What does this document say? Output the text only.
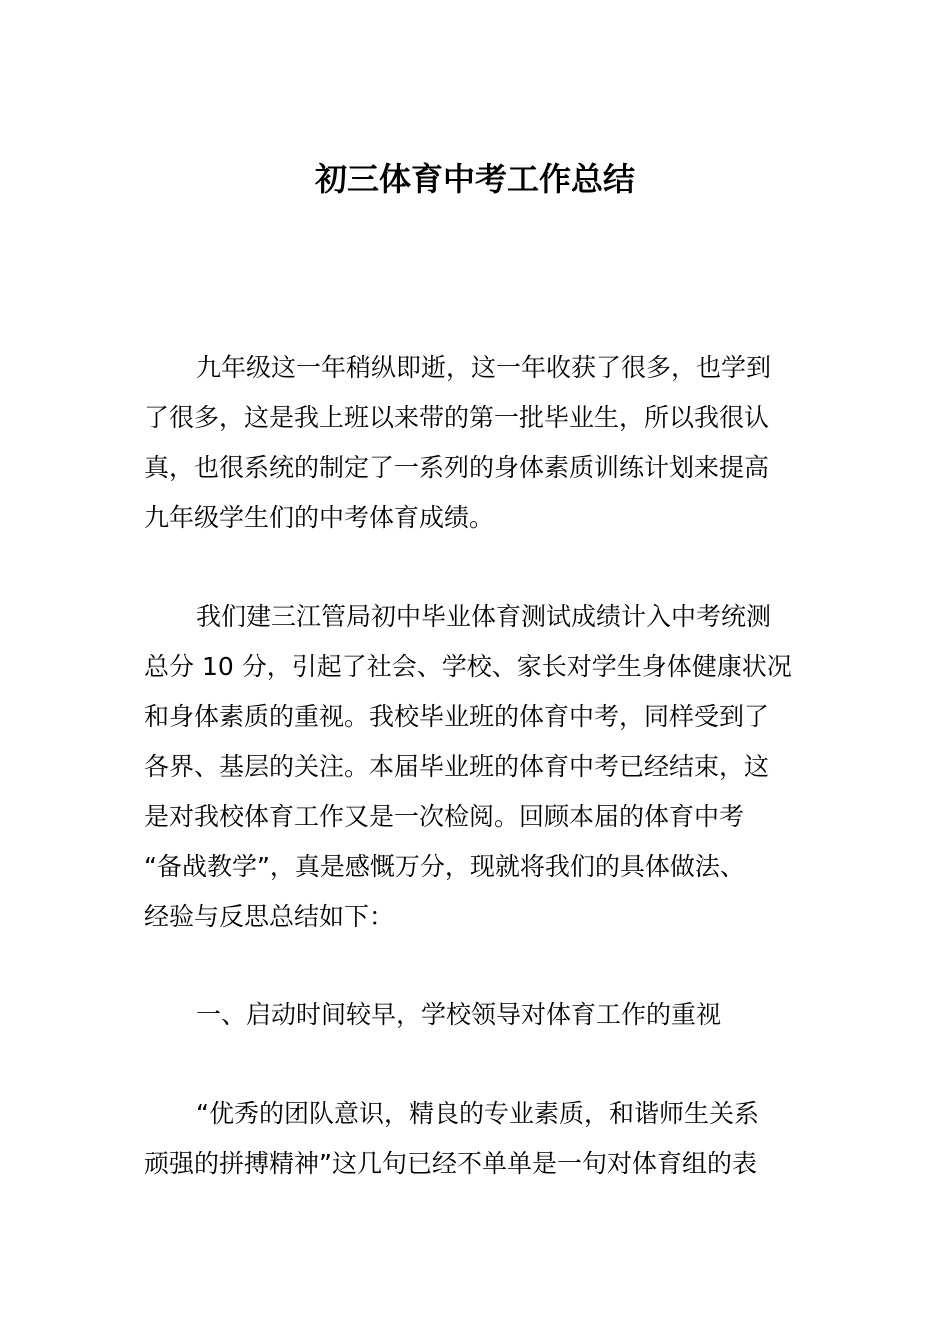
初三体育中考工作总结
九年级这一年稍纵即逝，这一年收获了很多，也学到
了很多，这是我上班以来带的第一批毕业生，所以我很认
真，也很系统的制定了一系列的身体素质训练计划来提高
九年级学生们的中考体育成绩。
我们建三江管局初中毕业体育测试成绩计入中考统测
总分 10 分，引起了社会、学校、家长对学生身体健康状况
和身体素质的重视。我校毕业班的体育中考，同样受到了
各界、基层的关注。本届毕业班的体育中考已经结束，这
是对我校体育工作又是一次检阅。回顾本届的体育中考
“备战教学”，真是感慨万分，现就将我们的具体做法、
经验与反思总结如下：
一、启动时间较早，学校领导对体育工作的重视
“优秀的团队意识，精良的专业素质，和谐师生关系
顽强的拼搏精神”这几句已经不单单是一句对体育组的表
